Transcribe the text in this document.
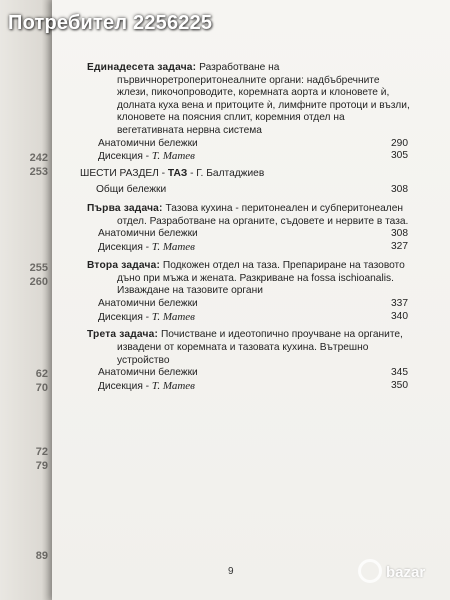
242
253
255
260
62
70
72
79
89
Потребител 2256225
Единадесета задача: Разработване на първичноретроперитонеалните органи: надбъбречните жлези, пикочопроводите, коремната аорта и клоновете ѝ, долната куха вена и притоците ѝ, лимфните протоци и възли, клоновете на поясния сплит, коремния отдел на вегетативната нервна система
Анатомични бележки	290
Дисекция - Т. Матев	305
ШЕСТИ РАЗДЕЛ - ТАЗ - Г. Балтаджиев
Общи бележки	308
Първа задача: Тазова кухина - перитонеален и субперитонеален отдел. Разработване на органите, съдовете и нервите в таза.
Анатомични бележки	308
Дисекция - Т. Матев	327
Втора задача: Подкожен отдел на таза. Препариране на тазовото дъно при мъжа и жената. Разкриване на fossa ischioanalis. Изваждане на тазовите органи
Анатомични бележки	337
Дисекция - Т. Матев	340
Трета задача: Почистване и идеотопично проучване на органите, извадени от коремната и тазовата кухина. Вътрешно устройство
Анатомични бележки	345
Дисекция - Т. Матев	350
9	bazar
